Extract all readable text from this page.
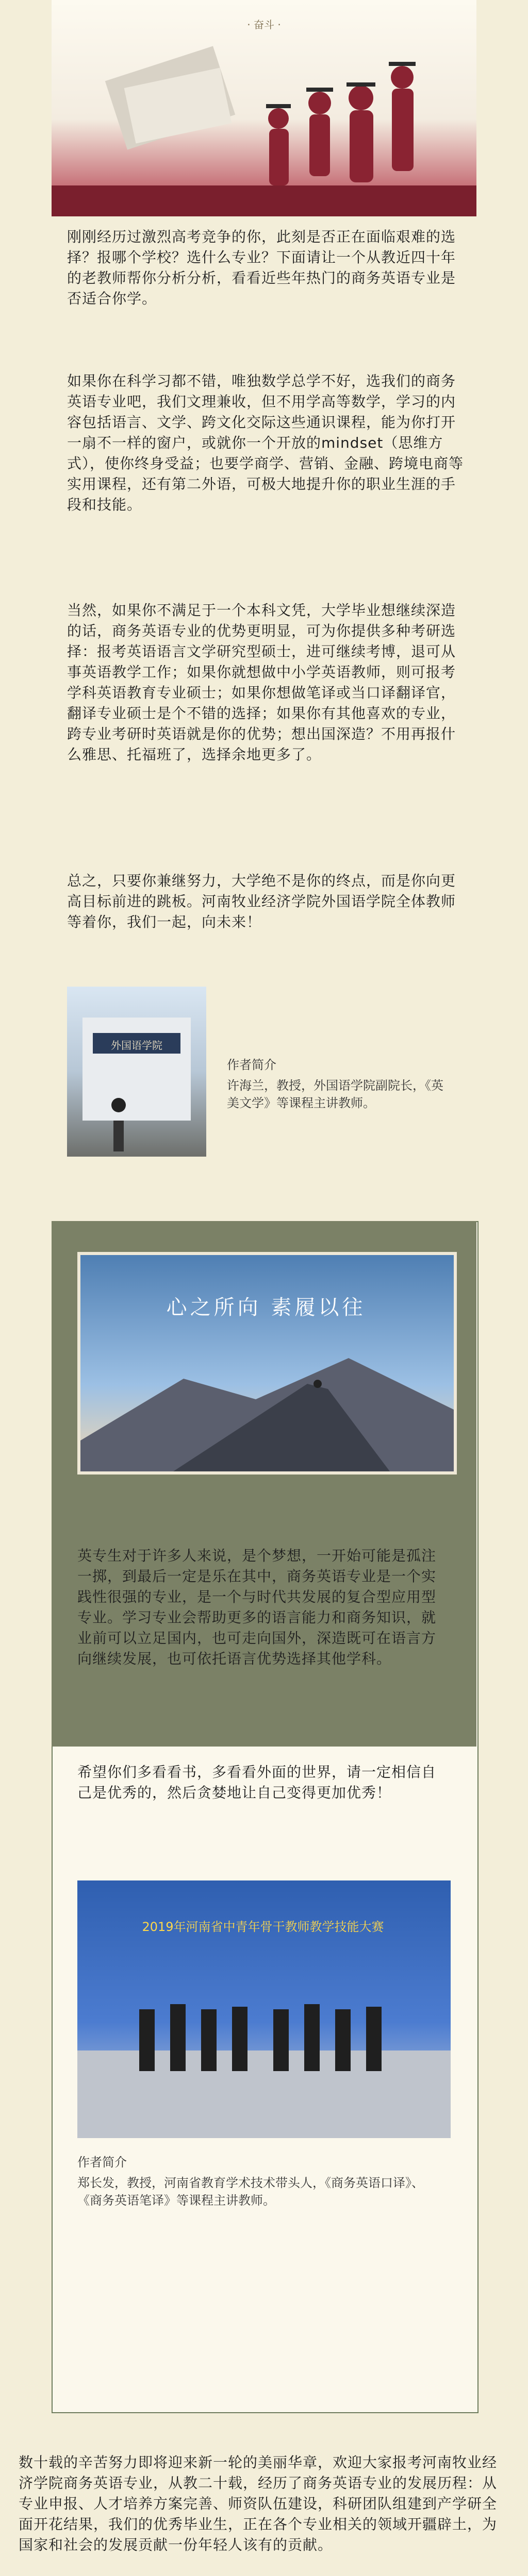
· 奋斗 ·

刚刚经历过激烈高考竞争的你，此刻是否正在面临艰难的选择？报哪个学校？选什么专业？下面请让一个从教近四十年的老教师帮你分析分析，看看近些年热门的商务英语专业是否适合你学。

如果你在科学习都不错，唯独数学总学不好，选我们的商务英语专业吧，我们文理兼收，但不用学高等数学，学习的内容包括语言、文学、跨文化交际这些通识课程，能为你打开一扇不一样的窗户，或就你一个开放的mindset（思维方式），使你终身受益；也要学商学、营销、金融、跨境电商等实用课程，还有第二外语，可极大地提升你的职业生涯的手段和技能。

当然，如果你不满足于一个本科文凭，大学毕业想继续深造的话，商务英语专业的优势更明显，可为你提供多种考研选择：报考英语语言文学研究型硕士，进可继续考博，退可从事英语教学工作；如果你就想做中小学英语教师，则可报考学科英语教育专业硕士；如果你想做笔译或当口译翻译官，翻译专业硕士是个不错的选择；如果你有其他喜欢的专业，跨专业考研时英语就是你的优势；想出国深造？不用再报什么雅思、托福班了，选择余地更多了。

总之，只要你兼继努力，大学绝不是你的终点，而是你向更高目标前进的跳板。河南牧业经济学院外国语学院全体教师等着你，我们一起，向未来！

外国语学院
作者简介
许海兰，教授，外国语学院副院长，《英美文学》等课程主讲教师。
心之所向 素履以往

英专生对于许多人来说，是个梦想，一开始可能是孤注一掷，到最后一定是乐在其中，商务英语专业是一个实践性很强的专业，是一个与时代共发展的复合型应用型专业。学习专业会帮助更多的语言能力和商务知识，就业前可以立足国内，也可走向国外，深造既可在语言方向继续发展，也可依托语言优势选择其他学科。

希望你们多看看书，多看看外面的世界，请一定相信自己是优秀的，然后贪婪地让自己变得更加优秀！

2019年河南省中青年骨干教师教学技能大赛
作者简介
郑长发，教授，河南省教育学术技术带头人，《商务英语口译》、《商务英语笔译》等课程主讲教师。

数十载的辛苦努力即将迎来新一轮的美丽华章，欢迎大家报考河南牧业经济学院商务英语专业，从教二十载，经历了商务英语专业的发展历程：从专业申报、人才培养方案完善、师资队伍建设，科研团队组建到产学研全面开花结果，我们的优秀毕业生，正在各个专业相关的领域开疆辟土，为国家和社会的发展贡献一份年轻人该有的贡献。
